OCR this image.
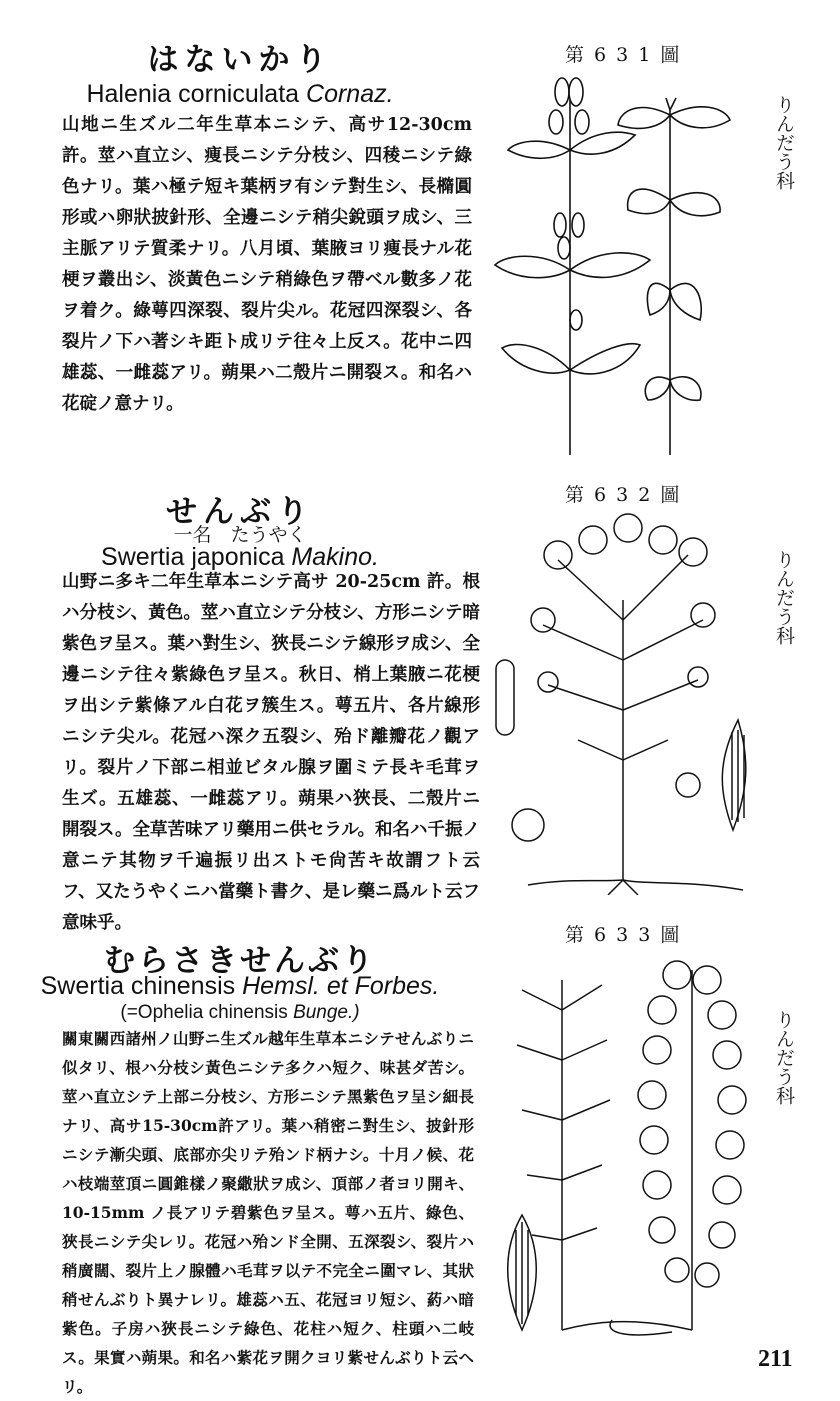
はないかり
Halenia corniculata Cornaz.
山地ニ生ズル二年生草本ニシテ、高サ12-30cm 許。莖ハ直立シ、痩長ニシテ分枝シ、四稜ニシテ綠色ナリ。葉ハ極テ短キ葉柄ヲ有シテ對生シ、長橢圓形或ハ卵狀披針形、全邊ニシテ稍尖銳頭ヲ成シ、三主脈アリテ質柔ナリ。八月頃、葉腋ヨリ痩長ナル花梗ヲ叢出シ、淡黃色ニシテ稍綠色ヲ帶ベル數多ノ花ヲ着ク。綠萼四深裂、裂片尖ル。花冠四深裂シ、各裂片ノ下ハ著シキ距ト成リテ往々上反ス。花中ニ四雄蕊、一雌蕊アリ。蒴果ハ二殼片ニ開裂ス。和名ハ花碇ノ意ナリ。
第 6 3 1 圖
りんだう科
せんぶり
一名　たうやく
Swertia japonica Makino.
山野ニ多キ二年生草本ニシテ高サ 20-25cm 許。根ハ分枝シ、黃色。莖ハ直立シテ分枝シ、方形ニシテ暗紫色ヲ呈ス。葉ハ對生シ、狹長ニシテ線形ヲ成シ、全邊ニシテ往々紫綠色ヲ呈ス。秋日、梢上葉腋ニ花梗ヲ出シテ紫條アル白花ヲ簇生ス。萼五片、各片線形ニシテ尖ル。花冠ハ深ク五裂シ、殆ド離瓣花ノ觀アリ。裂片ノ下部ニ相並ビタル腺ヲ圍ミテ長キ毛茸ヲ生ズ。五雄蕊、一雌蕊アリ。蒴果ハ狹長、二殼片ニ開裂ス。全草苦味アリ藥用ニ供セラル。和名ハ千振ノ意ニテ其物ヲ千遍振リ出ストモ尙苦キ故謂フト云フ、又たうやくニハ當藥ト書ク、是レ藥ニ爲ルト云フ意味乎。
第 6 3 2 圖
りんだう科
第 6 3 3 圖
むらさきせんぶり
Swertia chinensis Hemsl. et Forbes.
(=Ophelia chinensis Bunge.)
關東關西諸州ノ山野ニ生ズル越年生草本ニシテせんぶりニ似タリ、根ハ分枝シ黃色ニシテ多クハ短ク、味甚ダ苦シ。莖ハ直立シテ上部ニ分枝シ、方形ニシテ黑紫色ヲ呈シ細長ナリ、高サ15-30cm許アリ。葉ハ稍密ニ對生シ、披針形ニシテ漸尖頭、底部亦尖リテ殆ンド柄ナシ。十月ノ候、花ハ枝端莖頂ニ圓錐樣ノ聚繖狀ヲ成シ、頂部ノ者ヨリ開キ、10-15mm ノ長アリテ碧紫色ヲ呈ス。萼ハ五片、綠色、狹長ニシテ尖レリ。花冠ハ殆ンド全開、五深裂シ、裂片ハ稍廣闊、裂片上ノ腺體ハ毛茸ヲ以テ不完全ニ圍マレ、其狀稍せんぶりト異ナレリ。雄蕊ハ五、花冠ヨリ短シ、葯ハ暗紫色。子房ハ狹長ニシテ綠色、花柱ハ短ク、柱頭ハ二岐ス。果實ハ蒴果。和名ハ紫花ヲ開クヨリ紫せんぶりト云ヘリ。
りんだう科
211
